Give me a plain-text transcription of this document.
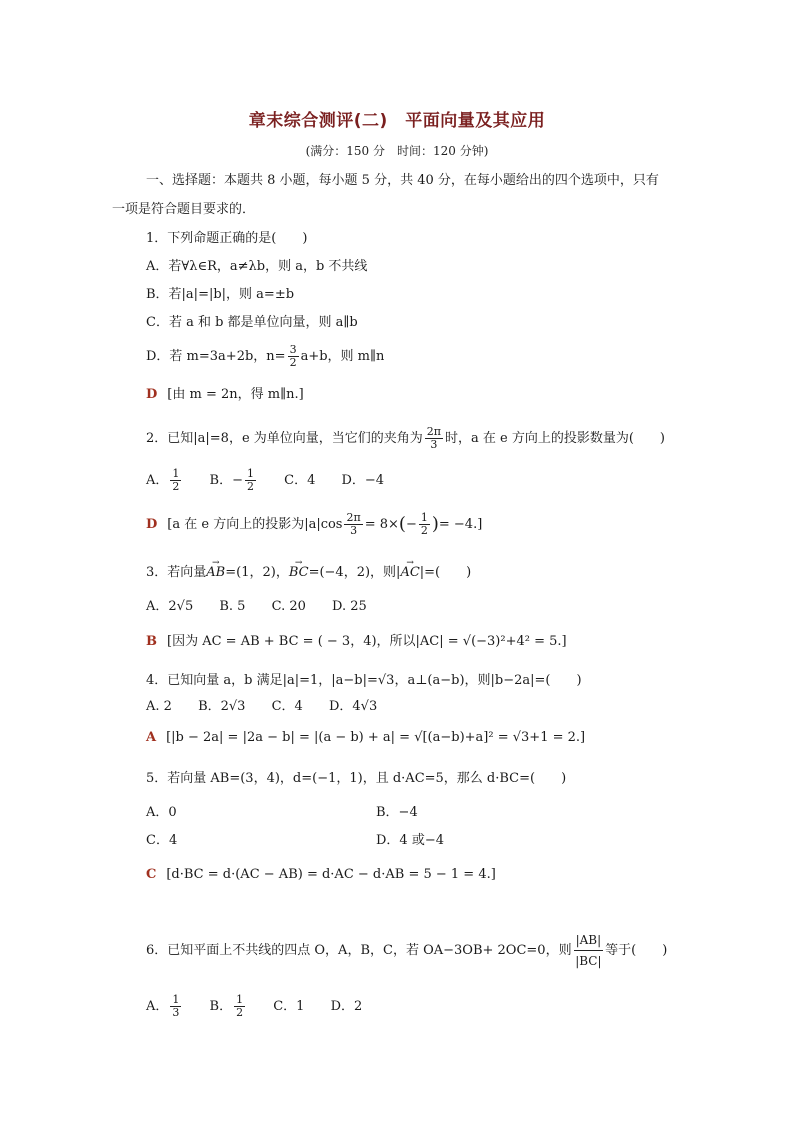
章末综合测评(二)　平面向量及其应用
(满分：150 分　时间：120 分钟)
一、选择题：本题共 8 小题，每小题 5 分，共 40 分，在每小题给出的四个选项中，只有
一项是符合题目要求的．
1．下列命题正确的是(　　)
A．若∀λ∈R，a≠λb，则 a，b 不共线
B．若|a|=|b|，则 a=±b
C．若 a 和 b 都是单位向量，则 a∥b
D．若 m=3a+2b，$n= \frac{3}{2} a+b$，则 m∥n
D [由 m = 2n，得 m∥n.]
2．已知|a|=8，e 为单位向量，当它们的夹角为 $\frac{2\pi}{3}$ 时，a 在 e 方向上的投影数量为(　　)
A． $\frac{1}{2}$ B．− $\frac{1}{2}$ C．4 D．−4
D [a 在 e 方向上的投影为$|a|\cos \frac{2\pi}{3} = 8\times(- \frac{1}{2}$ )= −4.]
3．若向量→ AB=(1，2)，→ BC=(−4，2)，则|→ AC|=(　　)
A．2√5 B. 5 C. 20 D. 25
B [因为 AC = AB + BC = ( − 3，4)，所以|AC| = √(−3)²+4² = 5.]
4．已知向量 a，b 满足|a|=1，|a−b|=√3，a⊥(a−b)，则|b−2a|=(　　)
A. 2 B．2√3 C．4 D．4√3
A [|b − 2a| = |2a − b| = |(a − b) + a| = √[(a−b)+a]² = √3+1 = 2.]
5．若向量 AB=(3，4)，d=(−1，1)，且 d·AC=5，那么 d·BC=(　　)
A．0	B．−4
C．4	D．4 或−4
C [d·BC = d·(AC − AB) = d·AC − d·AB = 5 − 1 = 4.]
6．已知平面上不共线的四点 O，A，B，C，若 OA−3OB+ 2OC=0，则 $\frac{|AB|}{|BC|}$ 等于(　　)
A． $\frac{1}{3}$ B． $\frac{1}{2}$ C．1 D．2
